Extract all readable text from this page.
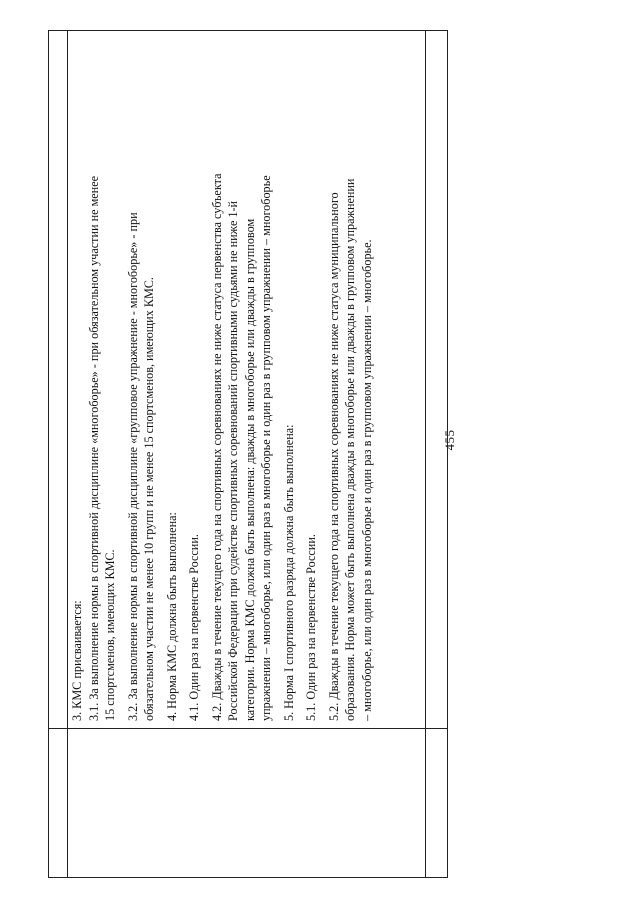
455

3. КМС присваивается: 3.1. За выполнение нормы в спортивной дисциплине «многоборье» - при обязательном участии не менее 15 спортсменов, имеющих КМС. 3.2. За выполнение нормы в спортивной дисциплине «групповое упражнение - многоборье» - при обязательном участии не менее 10 групп и не менее 15 спортсменов, имеющих КМС. 4. Норма КМС должна быть выполнена: 4.1. Один раз на первенстве России. 4.2. Дважды в течение текущего года на спортивных соревнованиях не ниже статуса первенства субъекта Российской Федерации при судействе спортивных соревнований спортивными судьями не ниже 1-й категории. Норма КМС должна быть выполнена: дважды в многоборье или дважды в групповом упражнении – многоборье, или один раз в многоборье и один раз в групповом упражнении – многоборье 5. Норма I спортивного разряда должна быть выполнена: 5.1. Один раз на первенстве России. 5.2. Дважды в течение текущего года на спортивных соревнованиях не ниже статуса муниципального образования. Норма может быть выполнена дважды в многоборье или дважды в групповом упражнении – многоборье, или один раз в многоборье и один раз в групповом упражнении – многоборье.
